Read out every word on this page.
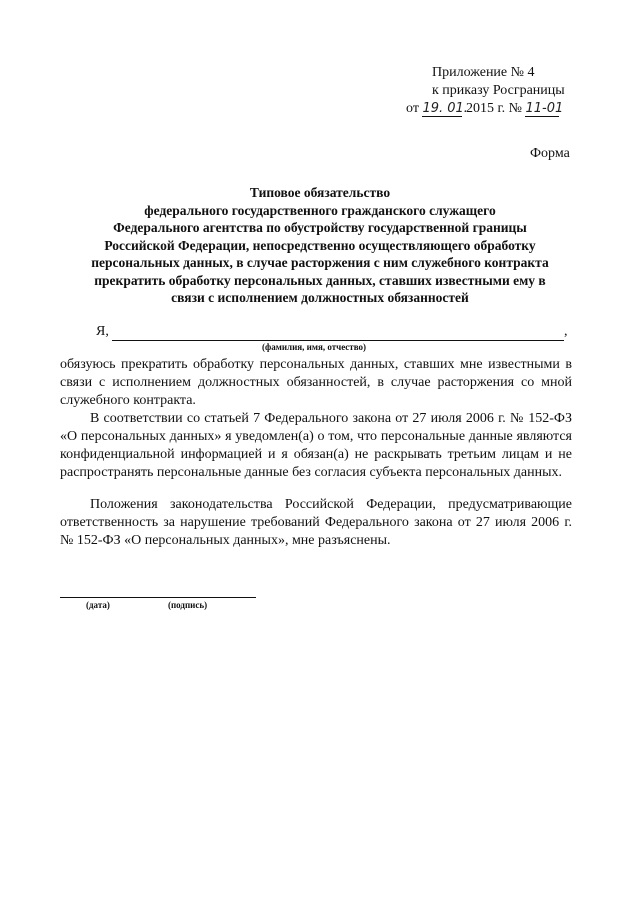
Приложение № 4
к приказу Росграницы
от 19. 01. 2015 г. № 11-01
Форма
Типовое обязательство
федерального государственного гражданского служащего
Федерального агентства по обустройству государственной границы
Российской Федерации, непосредственно осуществляющего обработку
персональных данных, в случае расторжения с ним служебного контракта
прекратить обработку персональных данных, ставших известными ему в
связи с исполнением должностных обязанностей
Я,	,
(фамилия, имя, отчество)
обязуюсь прекратить обработку персональных данных, ставших мне известными в связи с исполнением должностных обязанностей, в случае расторжения со мной служебного контракта.
В соответствии со статьей 7 Федерального закона от 27 июля 2006 г. № 152-ФЗ «О персональных данных» я уведомлен(а) о том, что персональные данные являются конфиденциальной информацией и я обязан(а) не раскрывать третьим лицам и не распространять персональные данные без согласия субъекта персональных данных.
Положения законодательства Российской Федерации, предусматривающие ответственность за нарушение требований Федерального закона от 27 июля 2006 г. № 152-ФЗ «О персональных данных», мне разъяснены.
(дата)	(подпись)
